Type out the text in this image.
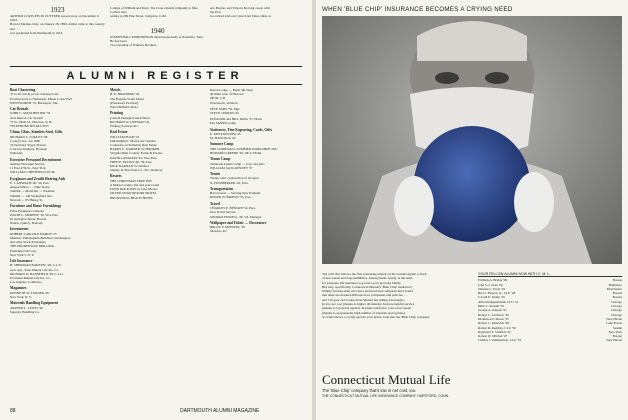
1923
ARTHUR LOUIS FELIX CUTTNER passed away on December 9, 1964.
Born in Medina, Italy, on January 28, 1899, Arthur came to this country and
was graduated from Dartmouth in 1923.
College of William and Mary. The Class extends sympathy to Mrs. Colbert who
resides at 209 Pine Street, Lafayette, Calif.
1940
JOSEPH HALL EDMONDSON died unexpectedly at Nashville, Tenn. He had been
vice president of Whitney Brothers.
ern, Boston, and Tulsa in his long career with
the Post.
Joe retired with our Class from Tulsa, Okla. to
ALUMNI REGISTER
Boat Chartering
37 to 40' sail & power cruising boats
Provincetown to Nantucket, Maine Coast, FAS
WENTWORTH '37, Bucksport, Me.
Car Rentals
JOHN C. MANCHESTER '33
Avis Rent-A-Car System
73 So. Main St., Hanover, N. H.
TELEPHONE 603-643-3553
China, Glass, Stainless Steel, Gifts
RICHARD L. COOLEY '28
Cooley's Inc., est 1860
34 Newbury Street, Boston
Concord, Danbury, Hyannis
Wellesley
Executive Personnel Recruitment
Anshen Personnel Service
11 East 47th St., New York
WILLIAM I. SHEFFIELD III '46
Eyeglasses and Zenith Hearing Aids
E. J. ANSPACH JR. '36, Pres.
Anspach Bros. — Nine Stores
Summit — Montclair — Paramus
Summit — 140 Springfield Ave.
Newark — 85 Halsey St.
Furniture and Home Furnishings
Paine Furniture Company
DAVID C. MURPHY '39, Vice Pres.
81 Arlington Street, Boston
Natick, Quincy, Peabody
Investments
ROBERT CARLISLE HARDY '25
Member: Philadelphia-Baltimore-Washington
and other Stock Exchanges
THE PRUDENTIAL DRILLING
Prudential Oil Corp.
New York 5, N. Y.
Life Insurance
H. SHERIDAN BAKETEL '26, C.L.U.
Gen. Agt., State Mutual Life Ins. Co.
RICHARD W. BANSFIELD '49, C.L.U.
Provident Mutual Life Ins. Co.
Los Angeles, California
Magazines
KENNETH W. TURNER '28
New York, N. Y.
Materials Handling Equipment
ARTHUR L. LEWIS '46
Superior Handling Co.
Motels
H. E. BRAINERD '29
The Bayside South Motel
(Firestone's Pavilion)
West Hadfield, Mass.
Printing
Custom Designed and Printed
RICHARD W. LIPPMAN '42
Printing Services Inc.
Real Estate
WILLIAM PUGH '23
Philadelphia's "Main Line" Realtor
Counselor on Suburban Real Estate
HARRY C. WARNER '22, BROKER
Virginia Hunt Country Farms & Estates
DAVID LANGDON '42, Vice-Pres.
FRED E. ELLIOT JR. '36, Pres.
DICK KARNAN '52, Realtor
Stanley R. Bowlwell Co., Inc., Realtors
Resorts
THE CHRISTMAS TREE INN
A Maine Country Inn and year-round
LOON ROCK INN on Lake Morey
SILVER SWAN RESORT MOTEL
BRUNSWICK BEACH HOTEL
Razon Lodge — Basin Ski Shop
40 miles west of Hanover
Off Rt. 5-D
Woodstock, Vermont
PETE SABY '56, Mgr.
STEVE CHOPOS '42
ELEANOR and BILL KING '37, Hosts
Fax SKIPPA Lodge
Stationery, Fine Engraving, Cards, Gifts
E. KENYON (SIB) '43
M. HANCOCK '42
Summer Camp
THE CORNWALL-SUMMER WORKSHOP, INC.
HOWARD GREENE '20, OF 4-YEAR
Tennis Camp
Tamarack Tennis Camp — boys and girls
WILLIAM JACK KENNEY '37
Tennis
Tennis court construction of all types
N. FUNSBERGER '42, Pres.
Transportation
Barrowcrest — Serving New England
ROGER W. BROWN '53, Pres.
Travel
CHARLES E. BENSON '52, Pres.
Don Travel Service
GEORGE POWELL, JR. '43, Manager
Wallpaper and Fabric — Decorators
BRUCE F. MONSON, '56
Monson, Inc.
88	DARTMOUTH ALUMNI MAGAZINE
WHEN 'BLUE CHIP' INSURANCE BECOMES A CRYING NEED
The wall that follows the first reassuring smack on the bottom signals a flock
of new needs and responsibilities. Among them, surely, is the need
for adequate life insurance to protect your growing family.
But why, specifically, Connecticut Mutual's 'Blue Chip' insurance?
Simply because men who have analyzed and compared have found
that there are marked differences in companies and policies. . .
and 119-year-old Connecticut Mutual has telling advantages.
In low net cost (thanks to higher dividends). In more helpful service
(thanks to top-notch agents). In plans tailored to your exact needs
(thanks to an unusually high number of benefits and options).
So when there's a crying need in your home, look into the 'Blue Chip' company.
Connecticut Mutual Life
The 'Blue Chip' company that's low in net cost, too.
THE CONNECTICUT MUTUAL LIFE INSURANCE COMPANY, HARTFORD, CONN.
YOUR FELLOW ALUMNI NOW WITH C. M. L.
William A. Bridge '09	Boston
John S. Cowan '26	Baltimore
Thomas C. Freel '18	Manchester
Bert L. Heston, Jr., CLU '28	Boston
Carroll E. Kemp '29	Boston
Alfred Klingensmith, CLU '31	Chicago
Dilin C. Krusell '32	Chicago
George A. Kerpan '41	Chicago
Robert C. Levinson '36	Chicago
Dickinson P. Morse '35	New Haven
Robert C. Malevich '48	Lake Forest
Robert D. Ruddley, CLU '50	Seattle
Raymond F. Schmidt '43	New York
Robert W. Mitchel '47	Boston
Charles J. Zimmerman, CLU '53	New Haven
